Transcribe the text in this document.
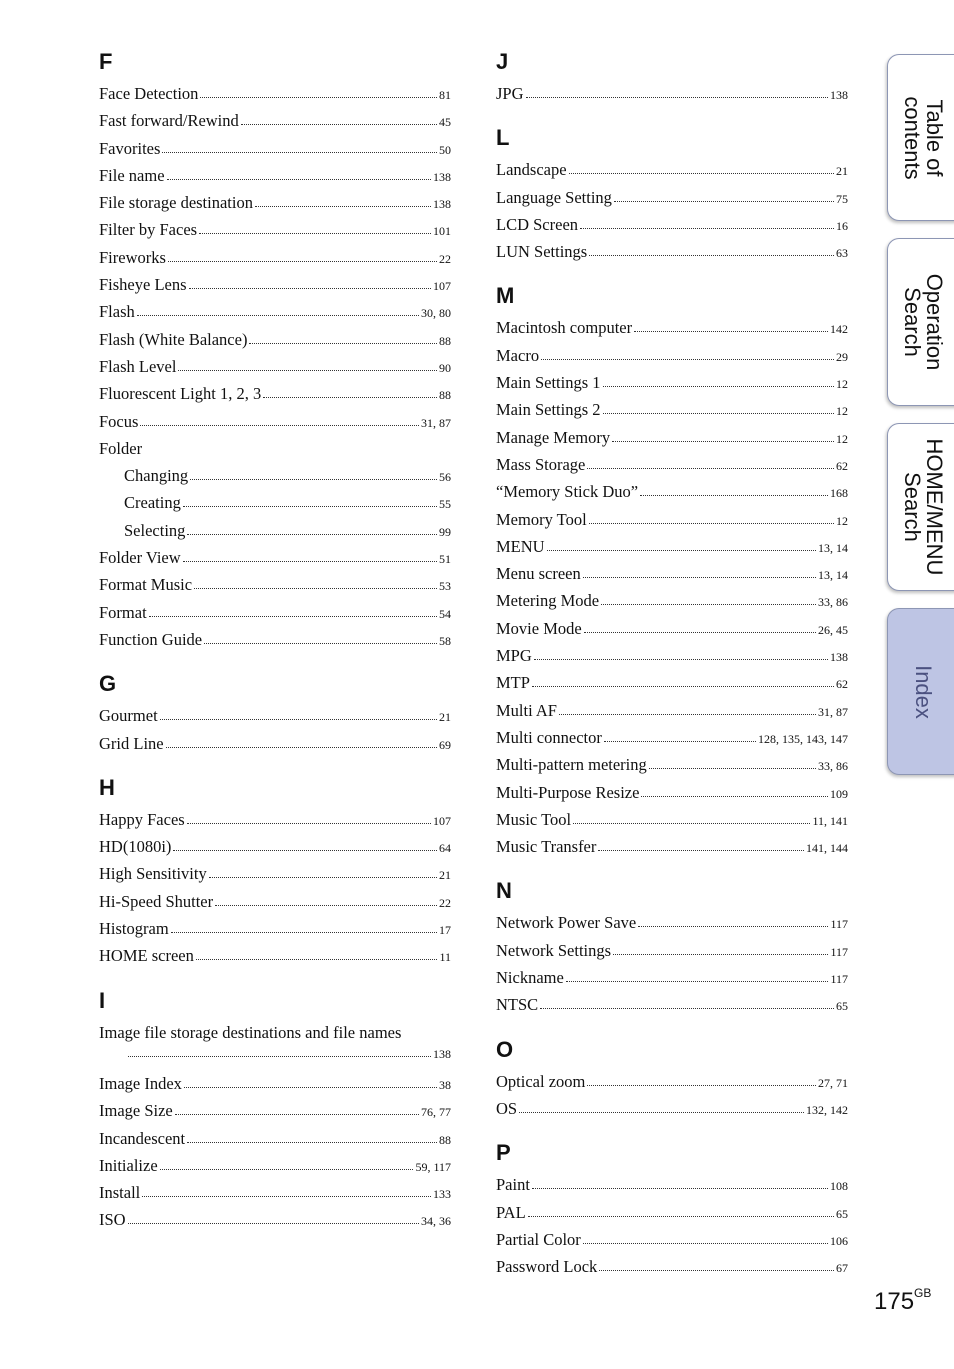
F
Face Detection	81
Fast forward/Rewind	45
Favorites	50
File name	138
File storage destination	138
Filter by Faces	101
Fireworks	22
Fisheye Lens	107
Flash	30, 80
Flash (White Balance)	88
Flash Level	90
Fluorescent Light 1, 2, 3	88
Focus	31, 87
Folder
Changing	56
Creating	55
Selecting	99
Folder View	51
Format Music	53
Format	54
Function Guide	58
G
Gourmet	21
Grid Line	69
H
Happy Faces	107
HD(1080i)	64
High Sensitivity	21
Hi-Speed Shutter	22
Histogram	17
HOME screen	11
I
Image file storage destinations and file names
138
Image Index	38
Image Size	76, 77
Incandescent	88
Initialize	59, 117
Install	133
ISO	34, 36
J
JPG	138
L
Landscape	21
Language Setting	75
LCD Screen	16
LUN Settings	63
M
Macintosh computer	142
Macro	29
Main Settings 1	12
Main Settings 2	12
Manage Memory	12
Mass Storage	62
“Memory Stick Duo”	168
Memory Tool	12
MENU	13, 14
Menu screen	13, 14
Metering Mode	33, 86
Movie Mode	26, 45
MPG	138
MTP	62
Multi AF	31, 87
Multi connector	128, 135, 143, 147
Multi-pattern metering	33, 86
Multi-Purpose Resize	109
Music Tool	11, 141
Music Transfer	141, 144
N
Network Power Save	117
Network Settings	117
Nickname	117
NTSC	65
O
Optical zoom	27, 71
OS	132, 142
P
Paint	108
PAL	65
Partial Color	106
Password Lock	67
Table of
contents
Operation
Search
HOME/MENU
Search
Index
$175^{GB}$
